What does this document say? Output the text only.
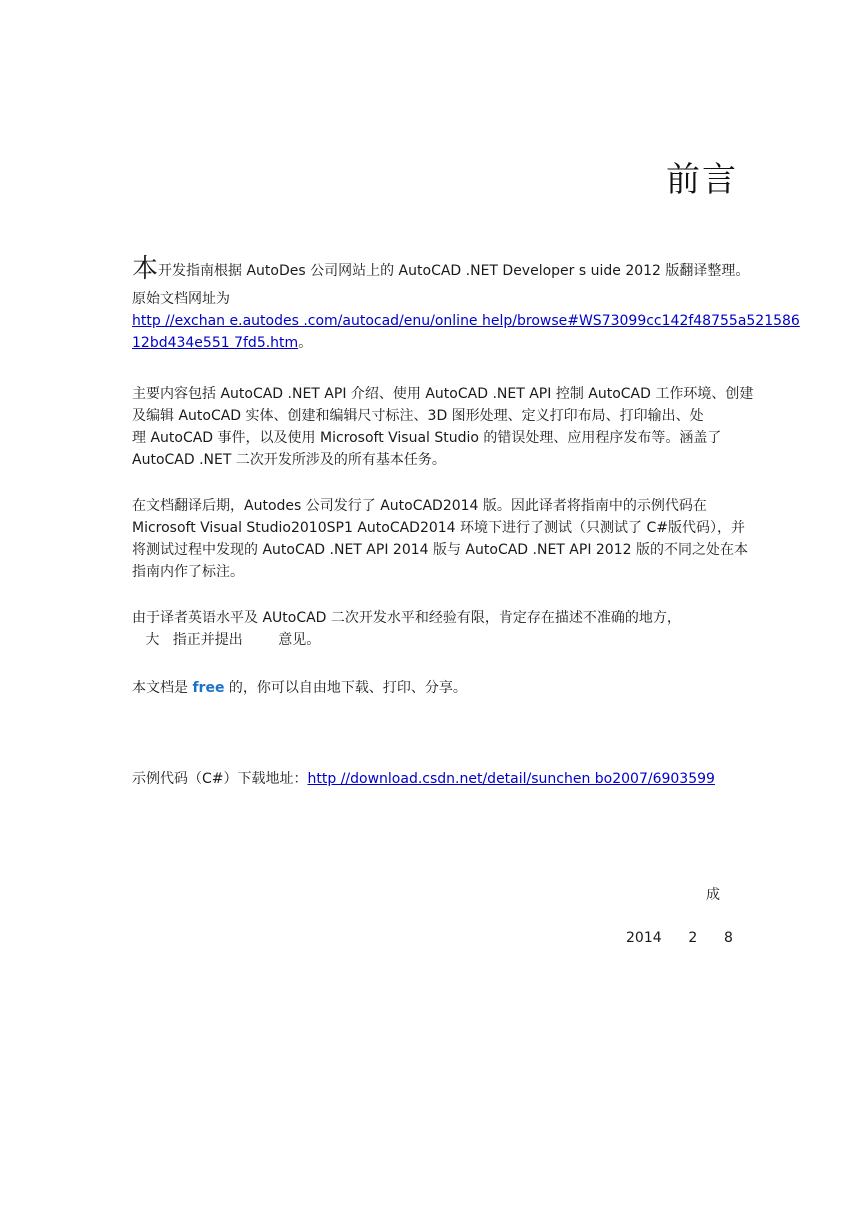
前言
本开发指南根据 AutoDes 公司网站上的 AutoCAD .NET Developer s uide 2012 版翻译整理。
原始文档网址为
http //exchan e.autodes .com/autocad/enu/online help/browse#WS73099cc142f48755a521586
12bd434e551 7fd5.htm。
主要内容包括 AutoCAD .NET API 介绍、使用 AutoCAD .NET API 控制 AutoCAD 工作环境、创建
及编辑 AutoCAD 实体、创建和编辑尺寸标注、3D 图形处理、定义打印布局、打印输出、处
理 AutoCAD 事件，以及使用 Microsoft Visual Studio 的错误处理、应用程序发布等。涵盖了
AutoCAD .NET 二次开发所涉及的所有基本任务。
在文档翻译后期，Autodes 公司发行了 AutoCAD2014 版。因此译者将指南中的示例代码在
Microsoft Visual Studio2010SP1 AutoCAD2014 环境下进行了测试（只测试了 C#版代码），并
将测试过程中发现的 AutoCAD .NET API 2014 版与 AutoCAD .NET API 2012 版的不同之处在本
指南内作了标注。
由于译者英语水平及 AUtoCAD 二次开发水平和经验有限，肯定存在描述不准确的地方，
大   指正并提出        意见。
本文档是 free 的，你可以自由地下载、打印、分享。
示例代码（C#）下载地址：http //download.csdn.net/detail/sunchen bo2007/6903599
成
2014      2      8
